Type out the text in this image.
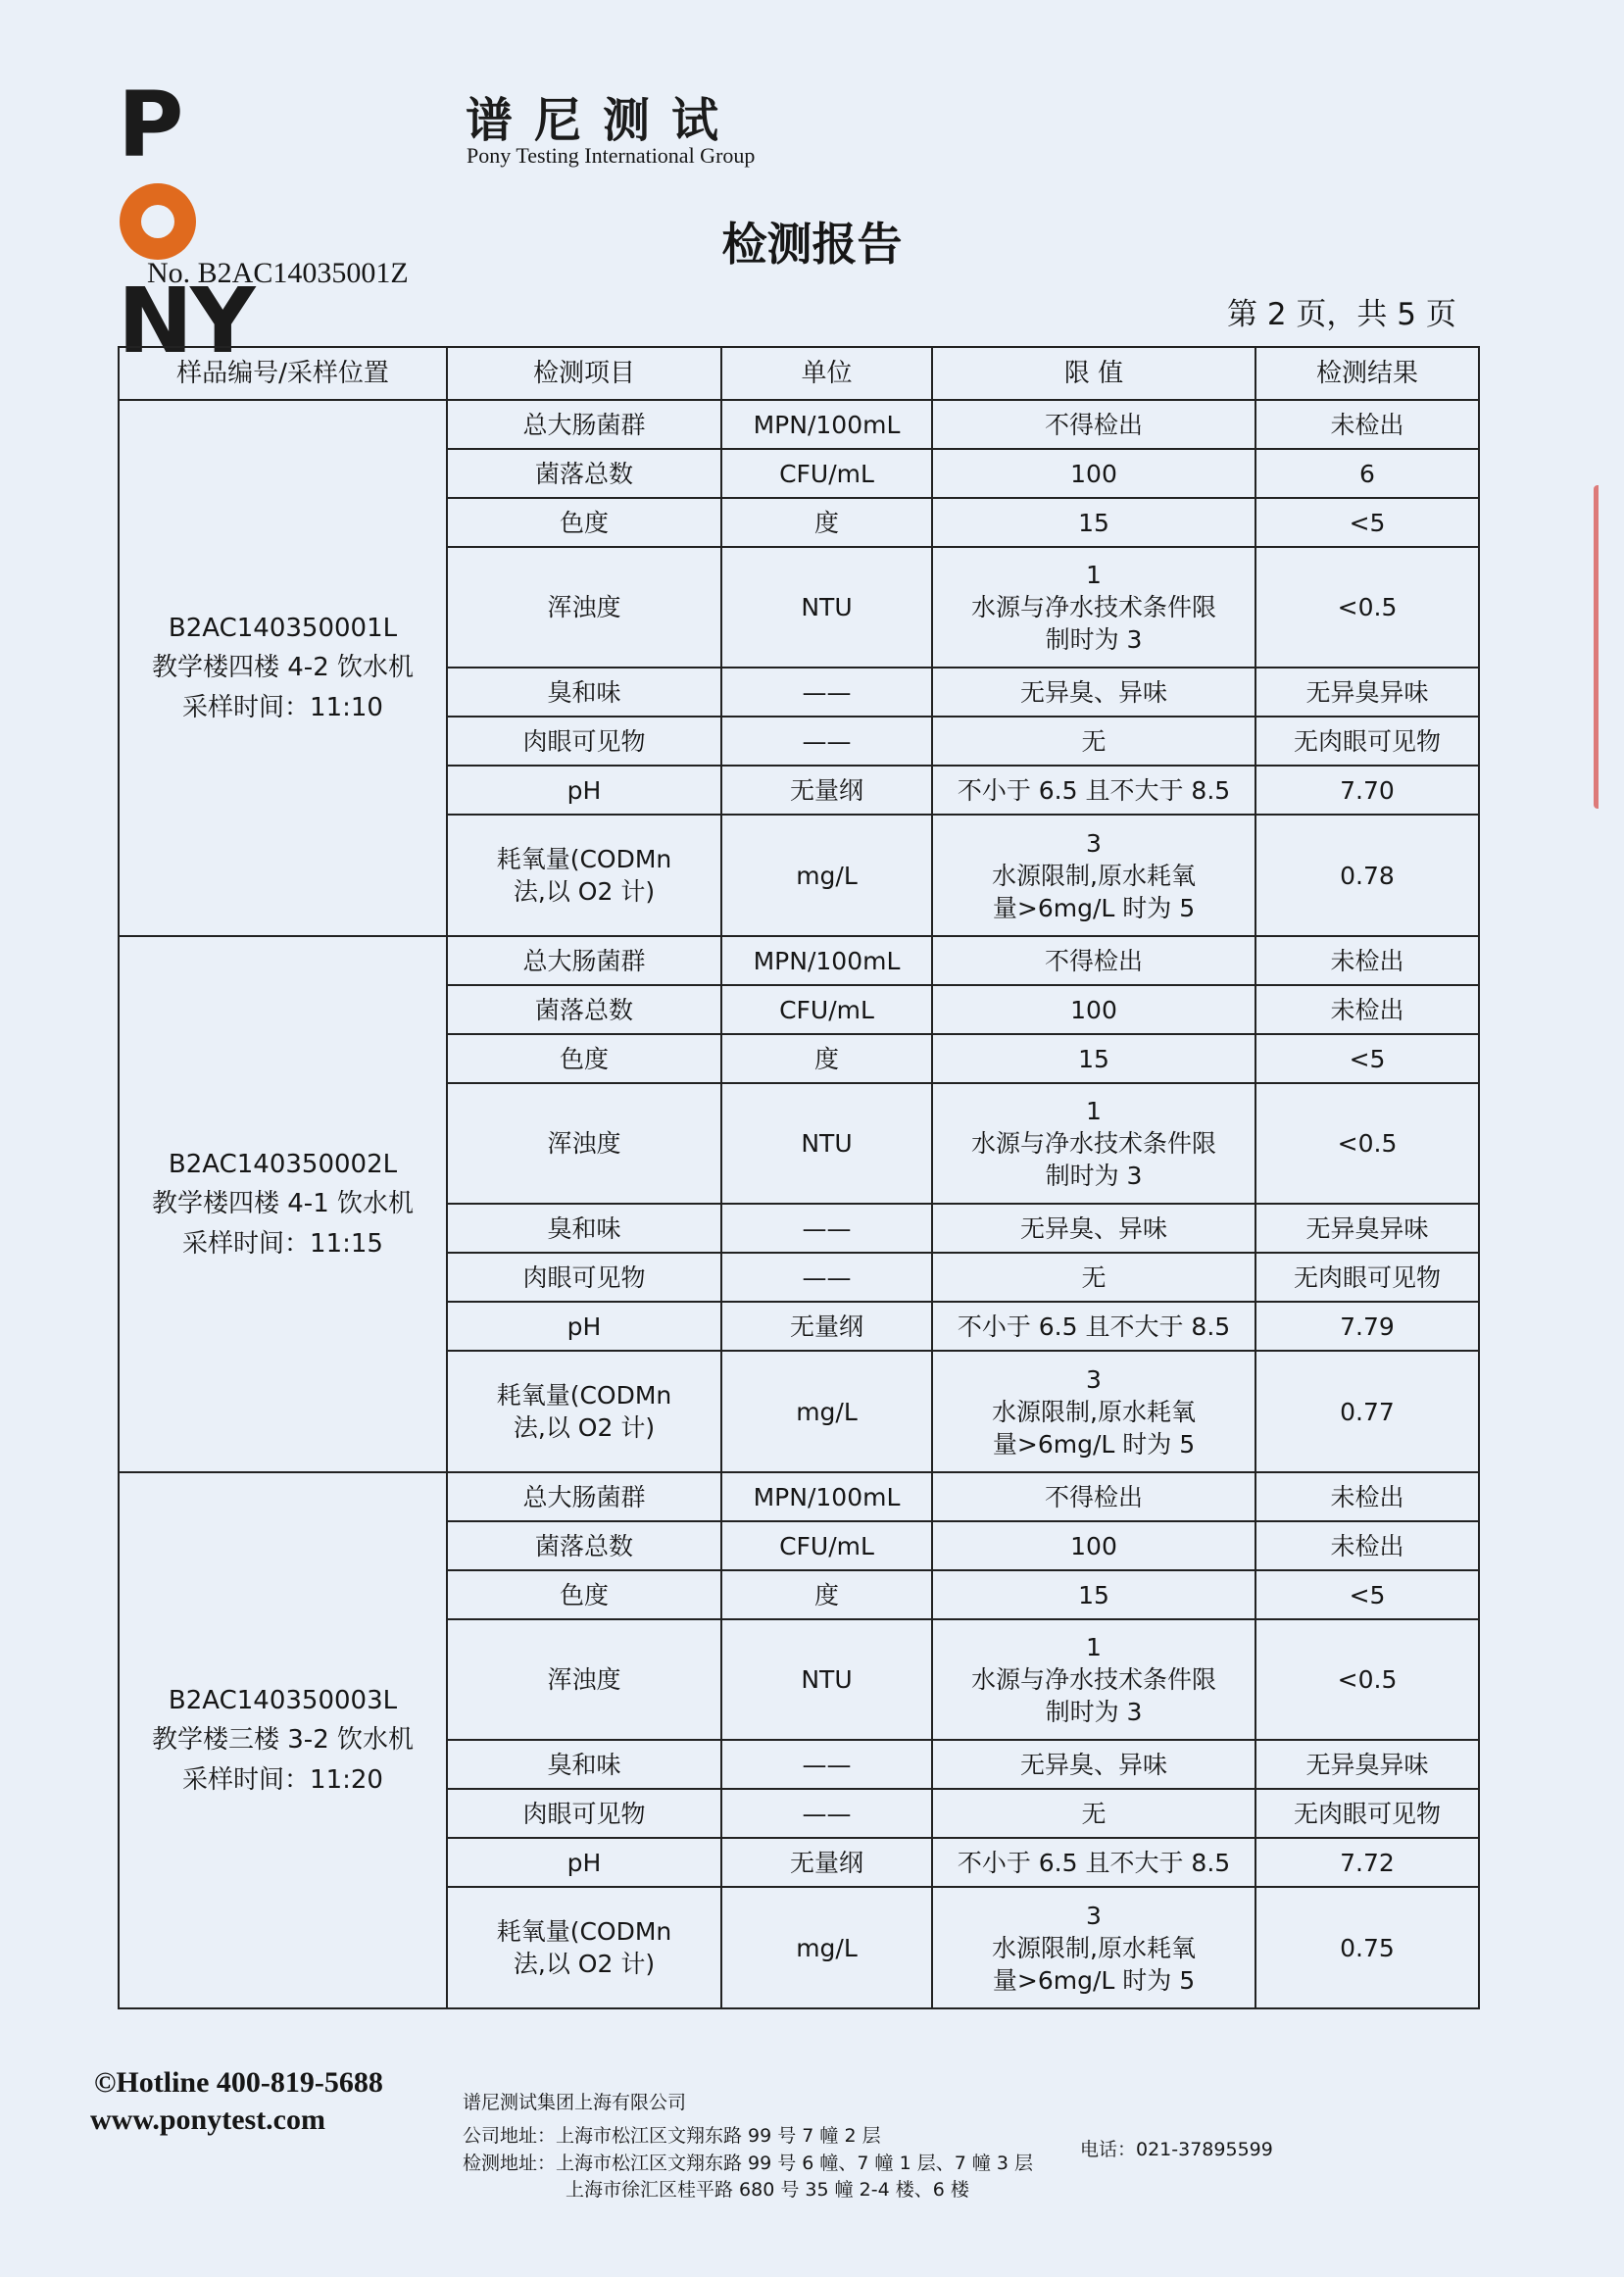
PNY
谱尼测试
Pony Testing International Group
检测报告
No. B2AC14035001Z
第 2 页，共 5 页
样品编号/采样位置	检测项目	单位	限 值	检测结果
B2AC140350001L
教学楼四楼 4-2 饮水机
采样时间：11:10	总大肠菌群	MPN/100mL	不得检出	未检出
	菌落总数	CFU/mL	100	6
	色度	度	15	<5
	浑浊度	NTU	1
水源与净水技术条件限
制时为 3	<0.5
	臭和味	——	无异臭、异味	无异臭异味
	肉眼可见物	——	无	无肉眼可见物
	pH	无量纲	不小于 6.5 且不大于 8.5	7.70
	耗氧量(CODMn
法,以 O2 计)	mg/L	3
水源限制,原水耗氧
量>6mg/L 时为 5	0.78
B2AC140350002L
教学楼四楼 4-1 饮水机
采样时间：11:15	总大肠菌群	MPN/100mL	不得检出	未检出
	菌落总数	CFU/mL	100	未检出
	色度	度	15	<5
	浑浊度	NTU	1
水源与净水技术条件限
制时为 3	<0.5
	臭和味	——	无异臭、异味	无异臭异味
	肉眼可见物	——	无	无肉眼可见物
	pH	无量纲	不小于 6.5 且不大于 8.5	7.79
	耗氧量(CODMn
法,以 O2 计)	mg/L	3
水源限制,原水耗氧
量>6mg/L 时为 5	0.77
B2AC140350003L
教学楼三楼 3-2 饮水机
采样时间：11:20	总大肠菌群	MPN/100mL	不得检出	未检出
	菌落总数	CFU/mL	100	未检出
	色度	度	15	<5
	浑浊度	NTU	1
水源与净水技术条件限
制时为 3	<0.5
	臭和味	——	无异臭、异味	无异臭异味
	肉眼可见物	——	无	无肉眼可见物
	pH	无量纲	不小于 6.5 且不大于 8.5	7.72
	耗氧量(CODMn
法,以 O2 计)	mg/L	3
水源限制,原水耗氧
量>6mg/L 时为 5	0.75
©Hotline 400-819-5688
www.ponytest.com
谱尼测试集团上海有限公司
公司地址：上海市松江区文翔东路 99 号 7 幢 2 层
检测地址：上海市松江区文翔东路 99 号 6 幢、7 幢 1 层、7 幢 3 层
上海市徐汇区桂平路 680 号 35 幢 2-4 楼、6 楼
电话：021-37895599
